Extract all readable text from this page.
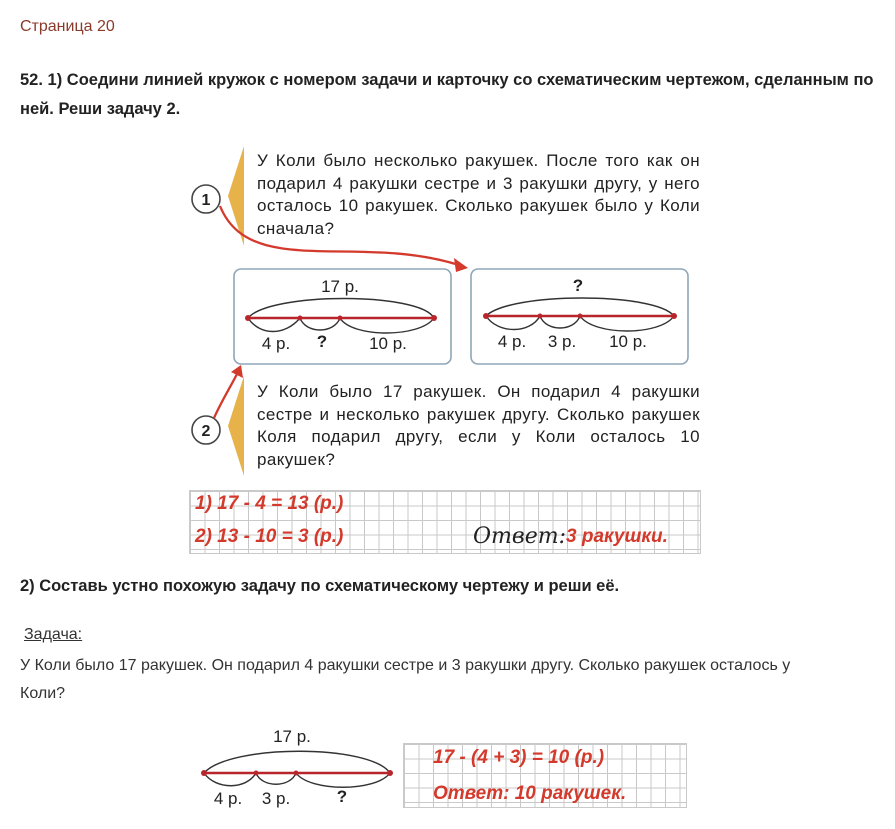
Страница 20
52. 1) Соедини линией кружок с номером задачи и карточку со схематическим чертежом, сделанным по ней. Реши задачу 2.
1
2
17 р.
4 р. ? 10 р.
?
4 р. 3 р. 10 р.
17 р.
4 р. 3 р.	?
У Коли было несколько ракушек. После того как он подарил 4 ракушки сестре и 3 ракушки другу, у него осталось 10 ракушек. Сколько ракушек было у Коли сначала?
У Коли было 17 ракушек. Он подарил 4 ракушки сестре и несколько ракушек другу. Сколько ракушек Коля подарил другу, если у Коли осталось 10 ракушек?
1) 17 - 4 = 13 (р.)
2) 13 - 10 = 3 (р.)	Ответ: 3 ракушки.
2) Составь устно похожую задачу по схематическому чертежу и реши её.
Задача:
У Коли было 17 ракушек. Он подарил 4 ракушки сестре и 3 ракушки другу. Сколько ракушек осталось у Коли?
17 - (4 + 3) = 10 (р.)
Ответ: 10 ракушек.
